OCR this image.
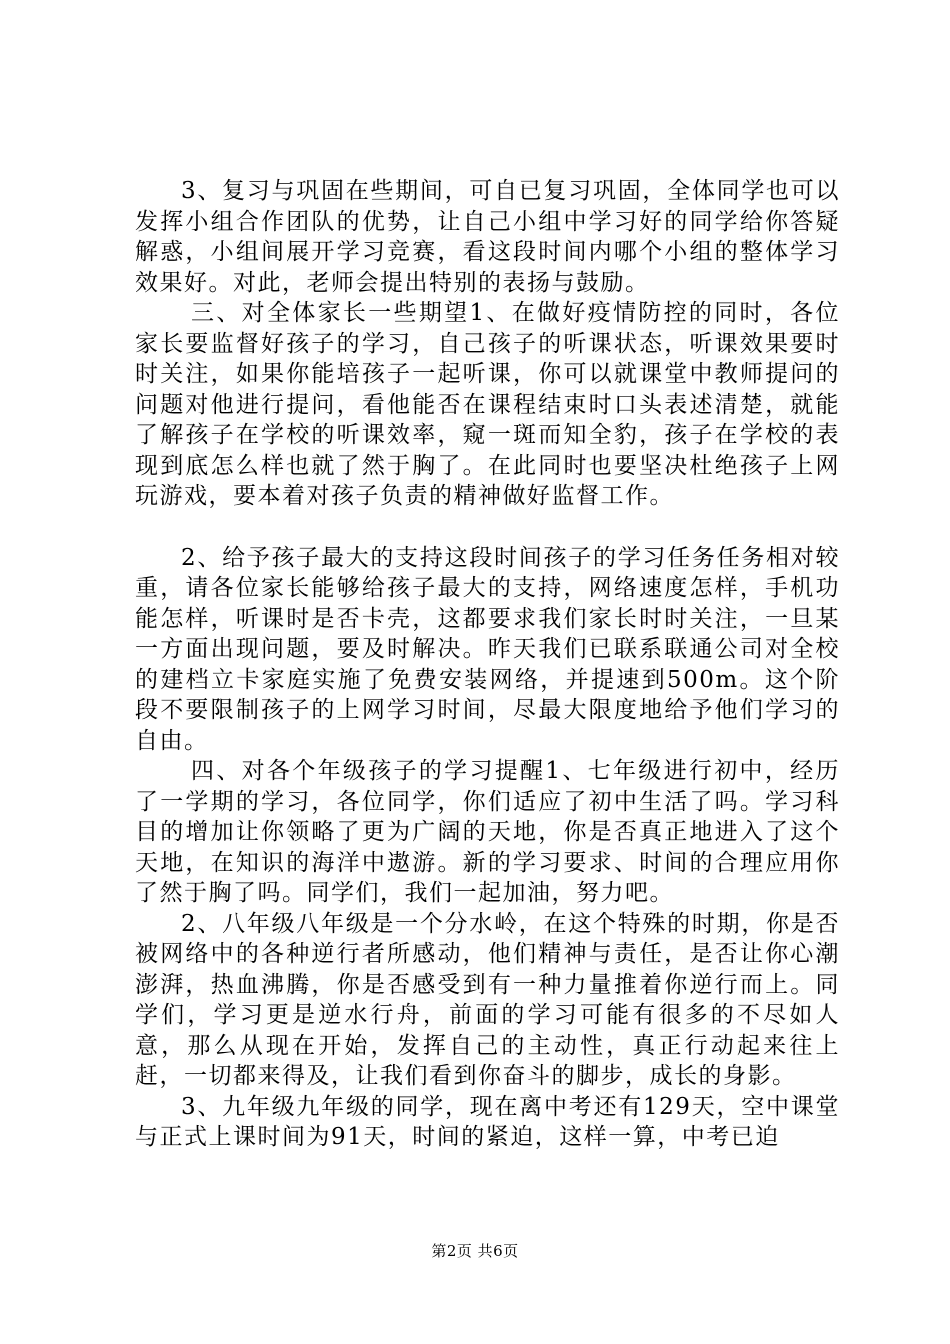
3、复习与巩固在些期间，可自已复习巩固，全体同学也可以发挥小组合作团队的优势，让自己小组中学习好的同学给你答疑解惑，小组间展开学习竞赛，看这段时间内哪个小组的整体学习效果好。对此，老师会提出特别的表扬与鼓励。

三、对全体家长一些期望1、在做好疫情防控的同时，各位家长要监督好孩子的学习，自己孩子的听课状态，听课效果要时时关注，如果你能培孩子一起听课，你可以就课堂中教师提问的问题对他进行提问，看他能否在课程结束时口头表述清楚，就能了解孩子在学校的听课效率，窥一斑而知全豹，孩子在学校的表现到底怎么样也就了然于胸了。在此同时也要坚决杜绝孩子上网玩游戏，要本着对孩子负责的精神做好监督工作。

2、给予孩子最大的支持这段时间孩子的学习任务任务相对较重，请各位家长能够给孩子最大的支持，网络速度怎样，手机功能怎样，听课时是否卡壳，这都要求我们家长时时关注，一旦某一方面出现问题，要及时解决。昨天我们已联系联通公司对全校的建档立卡家庭实施了免费安装网络，并提速到500m。这个阶段不要限制孩子的上网学习时间，尽最大限度地给予他们学习的自由。

四、对各个年级孩子的学习提醒1、七年级进行初中，经历了一学期的学习，各位同学，你们适应了初中生活了吗。学习科目的增加让你领略了更为广阔的天地，你是否真正地进入了这个天地，在知识的海洋中遨游。新的学习要求、时间的合理应用你了然于胸了吗。同学们，我们一起加油，努力吧。

2、八年级八年级是一个分水岭，在这个特殊的时期，你是否被网络中的各种逆行者所感动，他们精神与责任，是否让你心潮澎湃，热血沸腾，你是否感受到有一种力量推着你逆行而上。同学们，学习更是逆水行舟，前面的学习可能有很多的不尽如人意，那么从现在开始，发挥自己的主动性，真正行动起来往上赶，一切都来得及，让我们看到你奋斗的脚步，成长的身影。

3、九年级九年级的同学，现在离中考还有129天，空中课堂与正式上课时间为91天，时间的紧迫，这样一算，中考已迫

第2页 共6页
